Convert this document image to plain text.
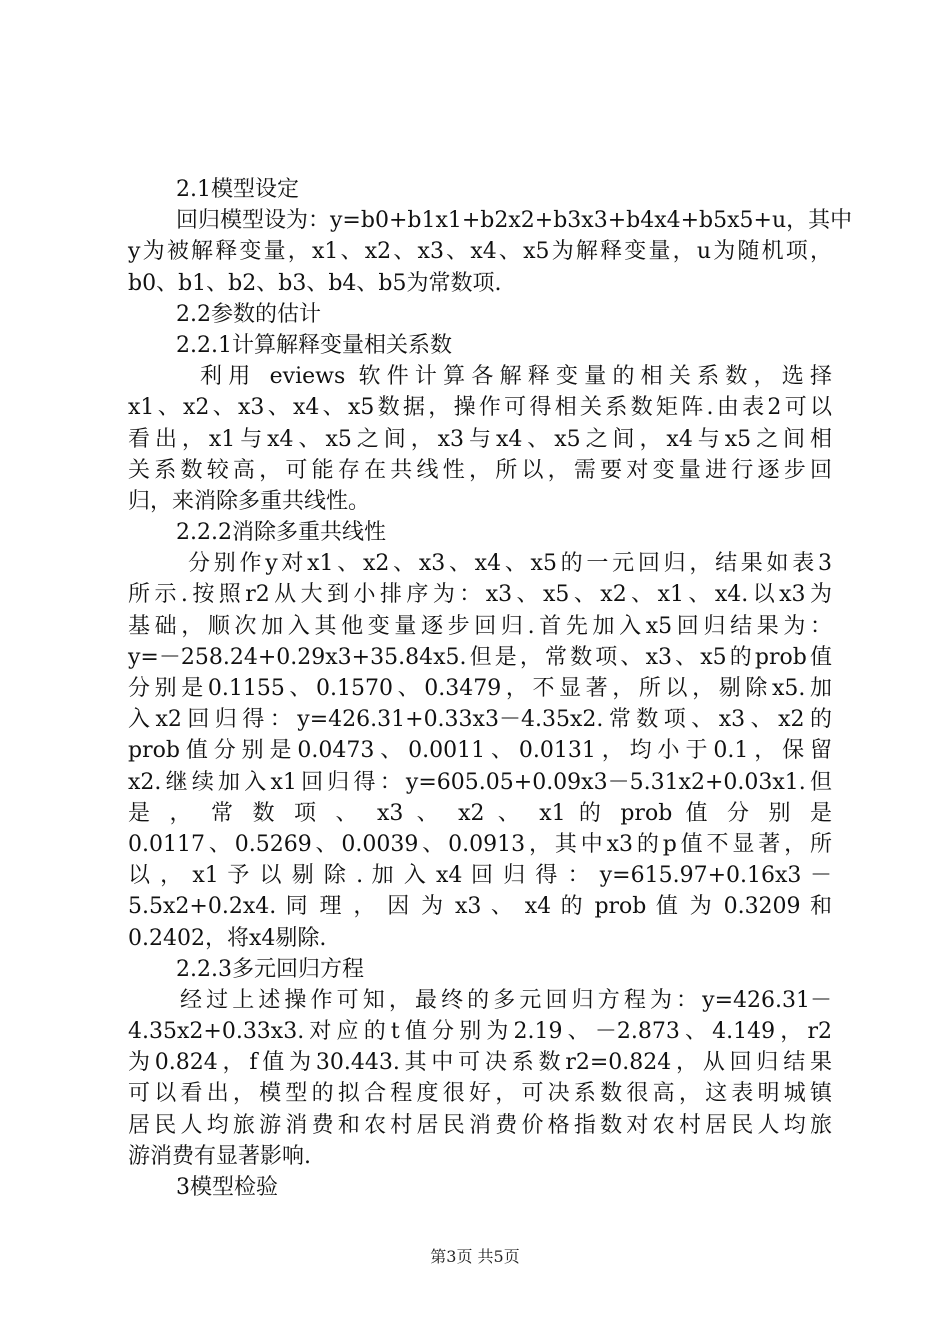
2.1模型设定
回归模型设为：y=b0+b1x1+b2x2+b3x3+b4x4+b5x5+u，其中
y为被解释变量，x1、x2、x3、x4、x5为解释变量，u为随机项，
b0、b1、b2、b3、b4、b5为常数项.
2.2参数的估计
2.2.1计算解释变量相关系数
利用 eviews 软件计算各解释变量的相关系数，选择
x1、x2、x3、x4、x5数据，操作可得相关系数矩阵.由表2可以
看出，x1与x4、x5之间，x3与x4、x5之间，x4与x5之间相
关系数较高，可能存在共线性，所以，需要对变量进行逐步回
归，来消除多重共线性。
2.2.2消除多重共线性
分别作y对x1、x2、x3、x4、x5的一元回归，结果如表3
所示.按照r2从大到小排序为：x3、x5、x2、x1、x4.以x3为
基础，顺次加入其他变量逐步回归.首先加入x5回归结果为：
y=－258.24+0.29x3+35.84x5.但是，常数项、x3、x5的prob值
分别是0.1155、0.1570、0.3479，不显著，所以，剔除x5.加
入x2回归得：y=426.31+0.33x3－4.35x2.常数项、x3、x2的
prob值分别是0.0473、0.0011、0.0131，均小于0.1，保留
x2.继续加入x1回归得：y=605.05+0.09x3－5.31x2+0.03x1.但
是 ， 常 数 项 、 x3 、 x2 、 x1 的 prob 值 分 别 是
0.0117、0.5269、0.0039、0.0913，其中x3的p值不显著，所
以 ， x1 予 以 剔 除 . 加 入 x4 回 归 得 ： y=615.97+0.16x3 －
5.5x2+0.2x4. 同 理 ， 因 为 x3 、 x4 的 prob 值 为 0.3209 和
0.2402，将x4剔除.
2.2.3多元回归方程
经过上述操作可知，最终的多元回归方程为：y=426.31－
4.35x2+0.33x3.对应的t值分别为2.19、－2.873、4.149，r2
为0.824，f值为30.443.其中可决系数r2=0.824，从回归结果
可以看出，模型的拟合程度很好，可决系数很高，这表明城镇
居民人均旅游消费和农村居民消费价格指数对农村居民人均旅
游消费有显著影响.
3模型检验
第3页 共5页
